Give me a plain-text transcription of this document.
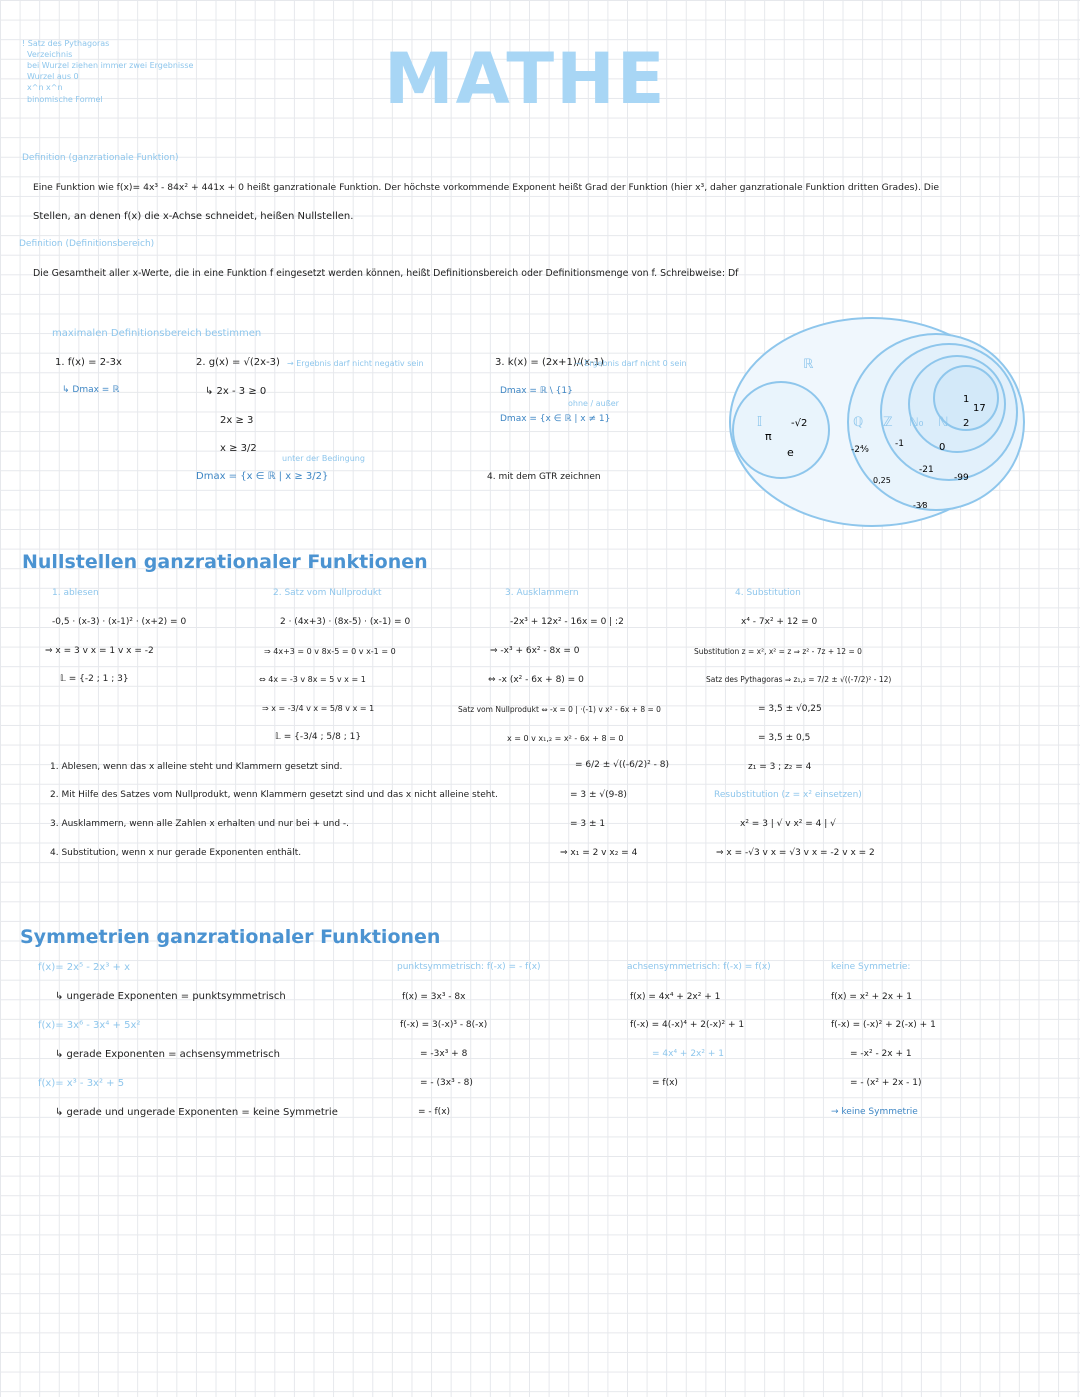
! Satz des Pythagoras
Verzeichnis
bei Wurzel ziehen immer zwei Ergebnisse
Wurzel aus 0
x^n x^n
binomische Formel	MATHE
Definition (ganzrationale Funktion)
Eine Funktion wie f(x)= 4x³ - 84x² + 441x + 0 heißt ganzrationale Funktion. Der höchste vorkommende Exponent heißt Grad der Funktion (hier x³, daher ganzrationale Funktion dritten Grades). Die
Stellen, an denen f(x) die x-Achse schneidet, heißen Nullstellen.
Definition (Definitionsbereich)
Die Gesamtheit aller x-Werte, die in eine Funktion f eingesetzt werden können, heißt Definitionsbereich oder Definitionsmenge von f. Schreibweise: Df
maximalen Definitionsbereich bestimmen
1. f(x) = 2-3x
↳ Dmax = ℝ
2. g(x) = √(2x-3) → Ergebnis darf nicht negativ sein
↳ 2x - 3 ≥ 0
2x ≥ 3
x ≥ 3/2
unter der Bedingung
Dmax = {x ∈ ℝ | x ≥ 3/2}
3. k(x) = (2x+1)/(x-1)
→ Ergebnis darf nicht 0 sein
Dmax = ℝ \ {1}
ohne / außer
Dmax = {x ∈ ℝ | x ≠ 1}
4. mit dem GTR zeichnen
ℝ
𝕀	ℚ ℤ ℕ₀ ℕ
-√2
π
e	-2⁴⁄₉
0,25
-3⁄8
-1
-21
-99
0
1
17
2
Nullstellen ganzrationaler Funktionen
1. ablesen
-0,5 · (x-3) · (x-1)² · (x+2) = 0
⇒ x = 3 v x = 1 v x = -2
𝕃 = {-2 ; 1 ; 3}
2. Satz vom Nullprodukt
2 · (4x+3) · (8x-5) · (x-1) = 0
⇒ 4x+3 = 0 v 8x-5 = 0 v x-1 = 0
⇔ 4x = -3 v 8x = 5 v x = 1
⇒ x = -3/4 v x = 5/8 v x = 1
𝕃 = {-3/4 ; 5/8 ; 1}
3. Ausklammern
-2x³ + 12x² - 16x = 0 | :2
⇒ -x³ + 6x² - 8x = 0
⇔ -x (x² - 6x + 8) = 0
Satz vom Nullprodukt ⇔ -x = 0 | ·(-1) v x² - 6x + 8 = 0
x = 0 v x₁,₂ = x² - 6x + 8 = 0
= 6/2 ± √((-6/2)² - 8)
= 3 ± √(9-8)
= 3 ± 1
⇒ x₁ = 2 v x₂ = 4
4. Substitution
x⁴ - 7x² + 12 = 0
Substitution z = x², x² = z ⇒ z² - 7z + 12 = 0
Satz des Pythagoras ⇒ z₁,₂ = 7/2 ± √((-7/2)² - 12)
= 3,5 ± √0,25
= 3,5 ± 0,5
z₁ = 3 ; z₂ = 4
Resubstitution (z = x² einsetzen)
x² = 3 | √ v x² = 4 | √
⇒ x = -√3 v x = √3 v x = -2 v x = 2
1. Ablesen, wenn das x alleine steht und Klammern gesetzt sind.
2. Mit Hilfe des Satzes vom Nullprodukt, wenn Klammern gesetzt sind und das x nicht alleine steht.
3. Ausklammern, wenn alle Zahlen x erhalten und nur bei + und -.
4. Substitution, wenn x nur gerade Exponenten enthält.
Symmetrien ganzrationaler Funktionen
f(x)= 2x⁵ - 2x³ + x
↳ ungerade Exponenten = punktsymmetrisch
f(x)= 3x⁶ - 3x⁴ + 5x²
↳ gerade Exponenten = achsensymmetrisch
f(x)= x³ - 3x² + 5
↳ gerade und ungerade Exponenten = keine Symmetrie
punktsymmetrisch: f(-x) = - f(x)
f(x) = 3x³ - 8x
f(-x) = 3(-x)³ - 8(-x)
= -3x³ + 8
= - (3x³ - 8)
= - f(x)
achsensymmetrisch: f(-x) = f(x)
f(x) = 4x⁴ + 2x² + 1
f(-x) = 4(-x)⁴ + 2(-x)² + 1
= 4x⁴ + 2x² + 1
= f(x)
keine Symmetrie:
f(x) = x² + 2x + 1
f(-x) = (-x)² + 2(-x) + 1
= -x² - 2x + 1
= - (x² + 2x - 1)
→ keine Symmetrie
